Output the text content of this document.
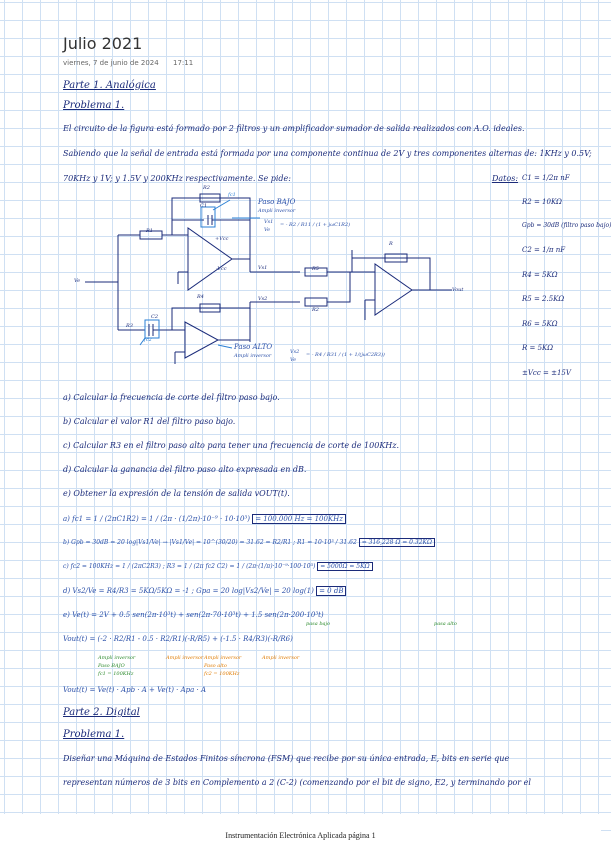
Julio 2021
viernes, 7 de junio de 2024 17:11
Parte 1. Analógica
Problema 1.
El circuito de la figura está formado por 2 filtros y un amplificador sumador de salida realizados con A.O. ideales.
Sabiendo que la señal de entrada está formada por una componente continua de 2V y tres componentes alternas de: 1KHz y 0.5V;
70KHz y 1V; y 1.5V y 200KHz respectivamente. Se pide:	Datos: C1 = 1/2π nF
R2 = 10KΩ
Gpb = 30dB (filtro paso bajo)
C2 = 1/π nF
R4 = 5KΩ
R5 = 2.5KΩ
R6 = 5KΩ
R = 5KΩ
±Vcc = ±15V
Ve
R1
R2
C1
fc1
+Vcc
-Vcc	Vs1
Vs2
R5
R2
R
Vout
R4
C2
fc2
R3
Paso BAJO
Ampli inversor
Vs1
Ve
= - R2 / R1 1 / (1 + jωC1R2)
Paso ALTO
Ampli inversor
Vs2
Ve
= - R4 / R3 1 / (1 + 1/(jωC2R3))
a) Calcular la frecuencia de corte del filtro paso bajo.
b) Calcular el valor R1 del filtro paso bajo.
c) Calcular R3 en el filtro paso alto para tener una frecuencia de corte de 100KHz.
d) Calcular la ganancia del filtro paso alto expresada en dB.
e) Obtener la expresión de la tensión de salida vOUT(t).
a) fc1 = 1 / (2πC1R2) = 1 / (2π · (1/2π)·10⁻⁹ · 10·10³) = 100.000 Hz = 100KHz
b) Gpb = 30dB = 20 log|Vs1/Ve| → |Vs1/Ve| = 10^(30/20) = 31.62 = R2/R1 ; R1 = 10·10³ / 31.62 = 316,228 Ω = 0.32KΩ
c) fc2 = 100KHz = 1 / (2πC2R3) ; R3 = 1 / (2π fc2 C2) = 1 / (2π·(1/π)·10⁻⁹·100·10³) = 5000Ω = 5KΩ
d) Vs2/Ve = R4/R3 = 5KΩ/5KΩ = -1 ; Gpa = 20 log|Vs2/Ve| = 20 log(1) = 0 dB
e) Ve(t) = 2V + 0.5 sen(2π·10³t) + sen(2π·70·10³t) + 1.5 sen(2π·200·10³t)
pasa bajo	pasa alto
Vout(t) = (-2 · R2/R1 - 0.5 · R2/R1)(-R/R5) + (-1.5 · R4/R3)(-R/R6)
Ampli inversor
Paso BAJO
fc1 = 100KHz
Ampli inversor Ampli inversor
Paso alto
fc2 = 100KHz
Ampli inversor
Vout(t) = Ve(t) · Apb · A + Ve(t) · Apa · A
Parte 2. Digital
Problema 1.
Diseñar una Máquina de Estados Finitos síncrona (FSM) que recibe por su única entrada, E, bits en serie que
representan números de 3 bits en Complemento a 2 (C-2) (comenzando por el bit de signo, E2, y terminando por el
Instrumentación Electrónica Aplicada página 1
